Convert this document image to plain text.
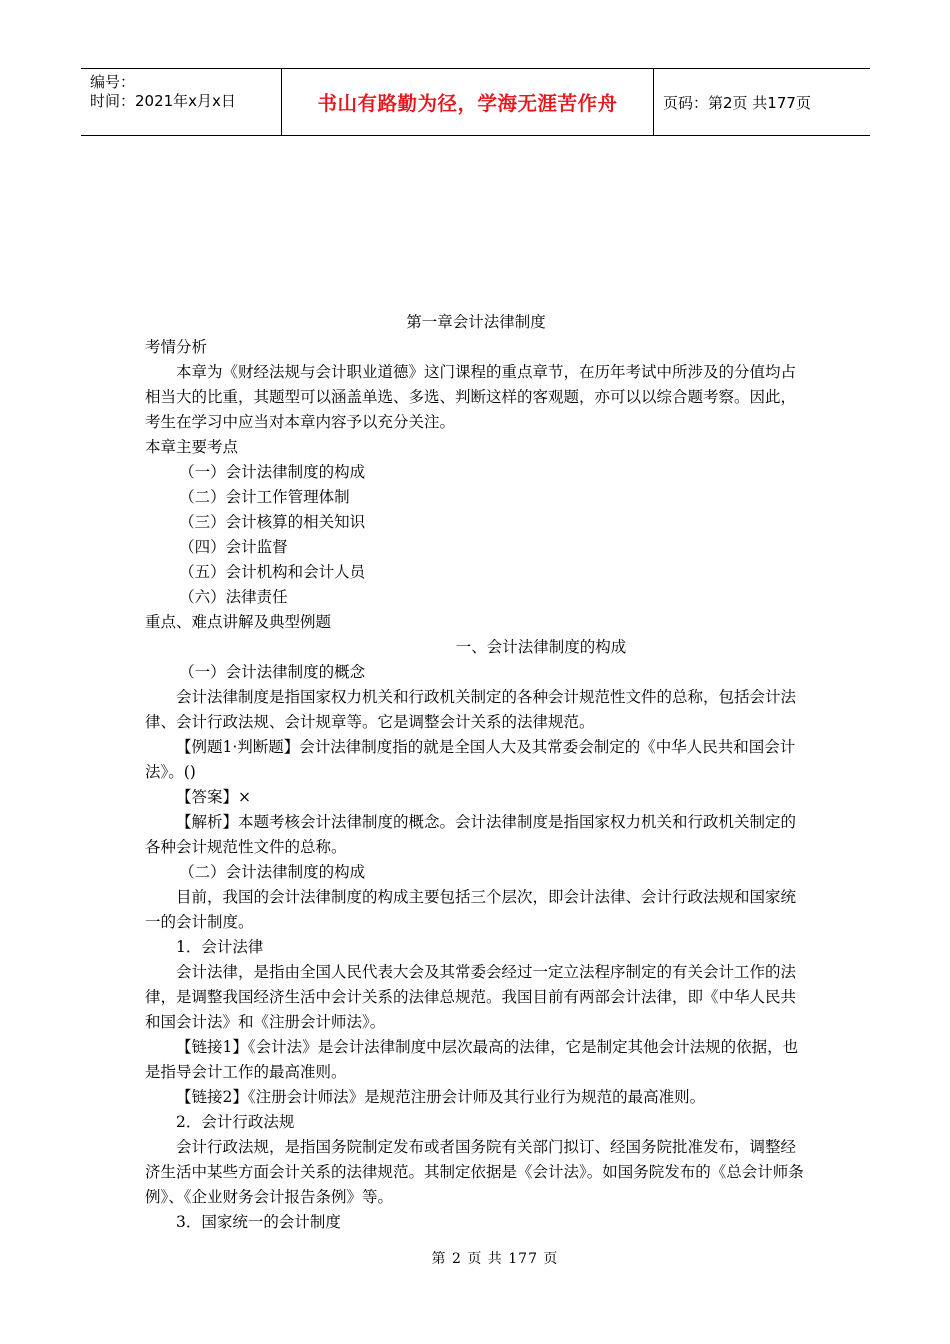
编号：
时间：2021年x月x日	书山有路勤为径，学海无涯苦作舟	页码：第2页 共177页

第一章会计法律制度

考情分析

本章为《财经法规与会计职业道德》这门课程的重点章节，在历年考试中所涉及的分值均占相当大的比重，其题型可以涵盖单选、多选、判断这样的客观题，亦可以以综合题考察。因此，考生在学习中应当对本章内容予以充分关注。

本章主要考点

（一）会计法律制度的构成

（二）会计工作管理体制

（三）会计核算的相关知识

（四）会计监督

（五）会计机构和会计人员

（六）法律责任

重点、难点讲解及典型例题

一、会计法律制度的构成

（一）会计法律制度的概念

会计法律制度是指国家权力机关和行政机关制定的各种会计规范性文件的总称，包括会计法律、会计行政法规、会计规章等。它是调整会计关系的法律规范。

【例题1·判断题】会计法律制度指的就是全国人大及其常委会制定的《中华人民共和国会计法》。()

【答案】×

【解析】本题考核会计法律制度的概念。会计法律制度是指国家权力机关和行政机关制定的各种会计规范性文件的总称。

（二）会计法律制度的构成

目前，我国的会计法律制度的构成主要包括三个层次，即会计法律、会计行政法规和国家统一的会计制度。

1．会计法律

会计法律，是指由全国人民代表大会及其常委会经过一定立法程序制定的有关会计工作的法律，是调整我国经济生活中会计关系的法律总规范。我国目前有两部会计法律，即《中华人民共和国会计法》和《注册会计师法》。

【链接1】《会计法》是会计法律制度中层次最高的法律，它是制定其他会计法规的依据，也是指导会计工作的最高准则。

【链接2】《注册会计师法》是规范注册会计师及其行业行为规范的最高准则。

2．会计行政法规

会计行政法规，是指国务院制定发布或者国务院有关部门拟订、经国务院批准发布，调整经济生活中某些方面会计关系的法律规范。其制定依据是《会计法》。如国务院发布的《总会计师条例》、《企业财务会计报告条例》等。

3．国家统一的会计制度

第 2 页 共 177 页
